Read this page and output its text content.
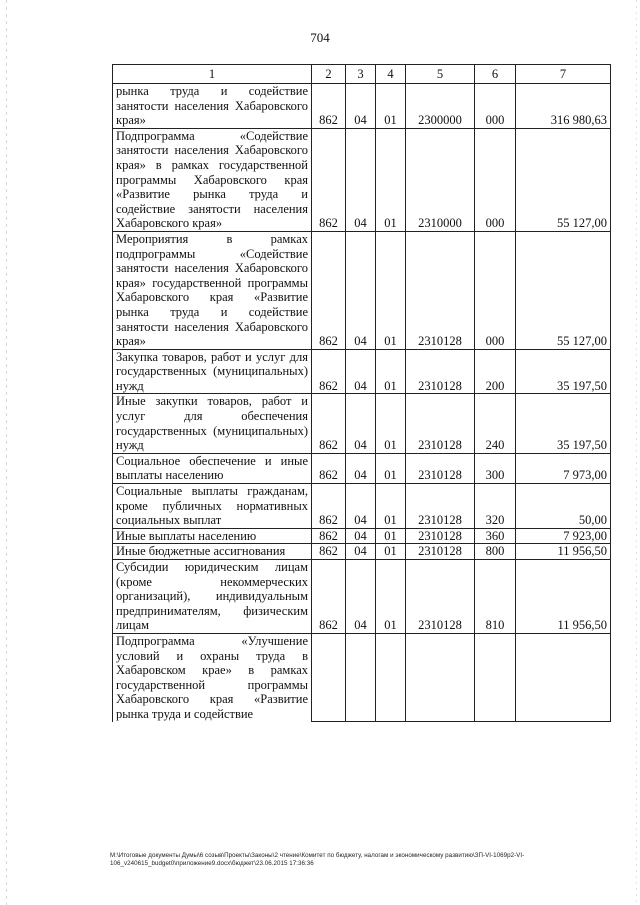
704
1	2	3	4	5	6	7
рынка труда и содействие занятости населения Хабаровского края»	862	04	01	2300000	000	316 980,63
Подпрограмма «Содействие занятости населения Хабаровского края» в рамках государственной программы Хабаровского края «Развитие рынка труда и содействие занятости населения Хабаровского края»	862	04	01	2310000	000	55 127,00
Мероприятия в рамках подпрограммы «Содействие занятости населения Хабаровского края» государственной программы Хабаровского края «Развитие рынка труда и содействие занятости населения Хабаровского края»	862	04	01	2310128	000	55 127,00
Закупка товаров, работ и услуг для государственных (муниципальных) нужд	862	04	01	2310128	200	35 197,50
Иные закупки товаров, работ и услуг для обеспечения государственных (муниципальных) нужд	862	04	01	2310128	240	35 197,50
Социальное обеспечение и иные выплаты населению	862	04	01	2310128	300	7 973,00
Социальные выплаты гражданам, кроме публичных нормативных социальных выплат	862	04	01	2310128	320	50,00
Иные выплаты населению	862	04	01	2310128	360	7 923,00
Иные бюджетные ассигнования	862	04	01	2310128	800	11 956,50
Субсидии юридическим лицам (кроме некоммерческих организаций), индивидуальным предпринимателям, физическим лицам	862	04	01	2310128	810	11 956,50
Подпрограмма «Улучшение условий и охраны труда в Хабаровском крае» в рамках государственной программы Хабаровского края «Развитие рынка труда и содействие						
M:\Итоговые документы Думы\6 созыв\Проекты\Законы\2 чтение\Комитет по бюджету, налогам и экономическому развитию\ЗП-VI-1069р2-VI-106_v240615_budget0\приложение9.docx\бюджет\23.06.2015 17:36:36
